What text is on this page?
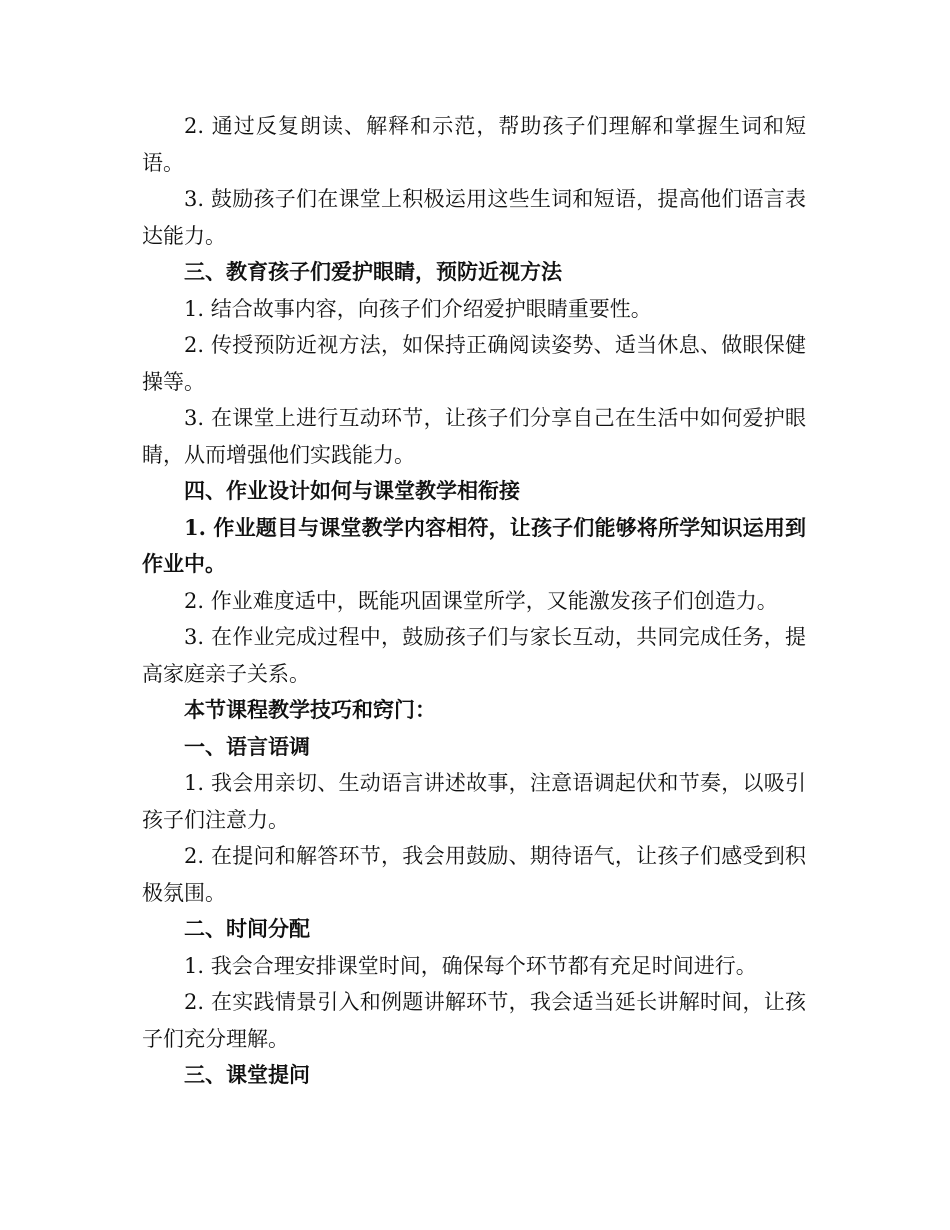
2. 通过反复朗读、解释和示范，帮助孩子们理解和掌握生词和短语。

3. 鼓励孩子们在课堂上积极运用这些生词和短语，提高他们语言表达能力。

三、教育孩子们爱护眼睛，预防近视方法

1. 结合故事内容，向孩子们介绍爱护眼睛重要性。

2. 传授预防近视方法，如保持正确阅读姿势、适当休息、做眼保健操等。

3. 在课堂上进行互动环节，让孩子们分享自己在生活中如何爱护眼睛，从而增强他们实践能力。

四、作业设计如何与课堂教学相衔接

1. 作业题目与课堂教学内容相符，让孩子们能够将所学知识运用到作业中。

2. 作业难度适中，既能巩固课堂所学，又能激发孩子们创造力。

3. 在作业完成过程中，鼓励孩子们与家长互动，共同完成任务，提高家庭亲子关系。

本节课程教学技巧和窍门：

一、语言语调

1. 我会用亲切、生动语言讲述故事，注意语调起伏和节奏，以吸引孩子们注意力。

2. 在提问和解答环节，我会用鼓励、期待语气，让孩子们感受到积极氛围。

二、时间分配

1. 我会合理安排课堂时间，确保每个环节都有充足时间进行。

2. 在实践情景引入和例题讲解环节，我会适当延长讲解时间，让孩子们充分理解。

三、课堂提问
